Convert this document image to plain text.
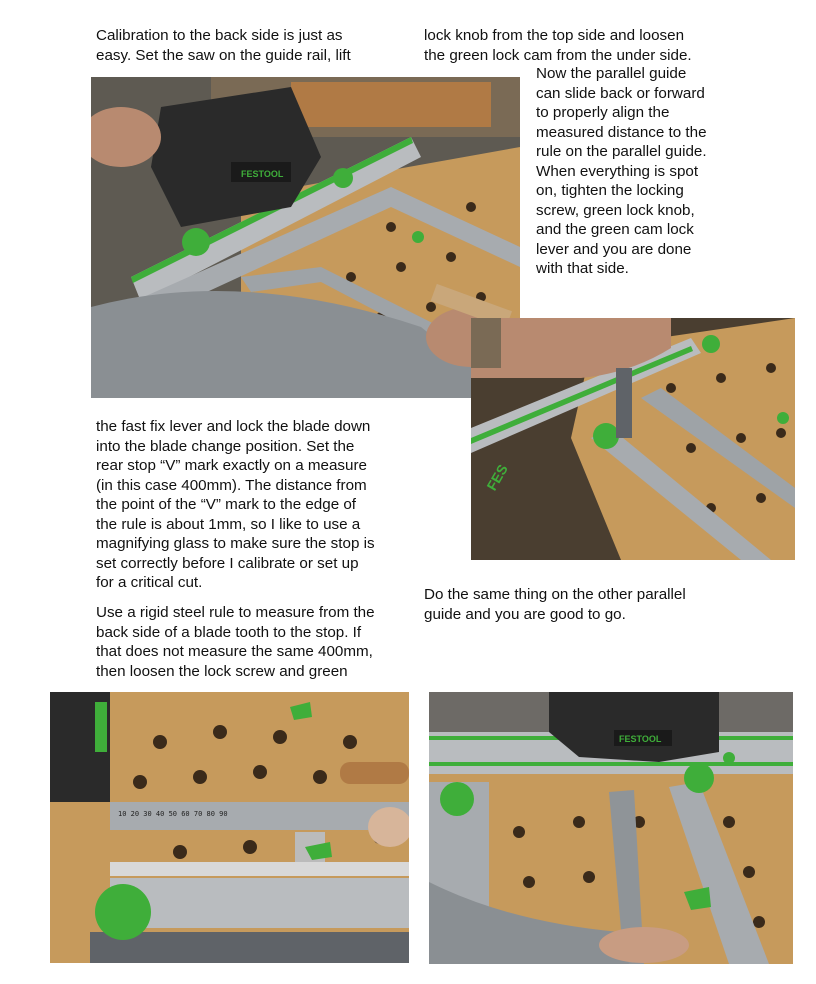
Calibration to the back side is just as
easy. Set the saw on the guide rail, lift

lock knob from the top side and loosen
the green lock cam from the under side.

Now the parallel guide
can slide back or forward
to properly align the
measured distance to the
rule on the parallel guide.
When everything is spot
on, tighten the locking
screw, green lock knob,
and the green cam lock
lever and you are done
with that side.

the fast fix lever and lock the blade down
into the blade change position. Set the
rear stop “V” mark exactly on a measure
(in this case 400mm). The distance from
the point of the “V” mark to the edge of
the rule is about 1mm, so I like to use a
magnifying glass to make sure the stop is
set correctly before I calibrate or set up
for a critical cut.

Use a rigid steel rule to measure from the
back side of a blade tooth to the stop. If
that does not measure the same 400mm,
then loosen the lock screw and green

Do the same thing on the other parallel
guide and you are good to go.

FESTOOL
FES
10 20 30 40 50 60 70 80 90
FESTOOL
